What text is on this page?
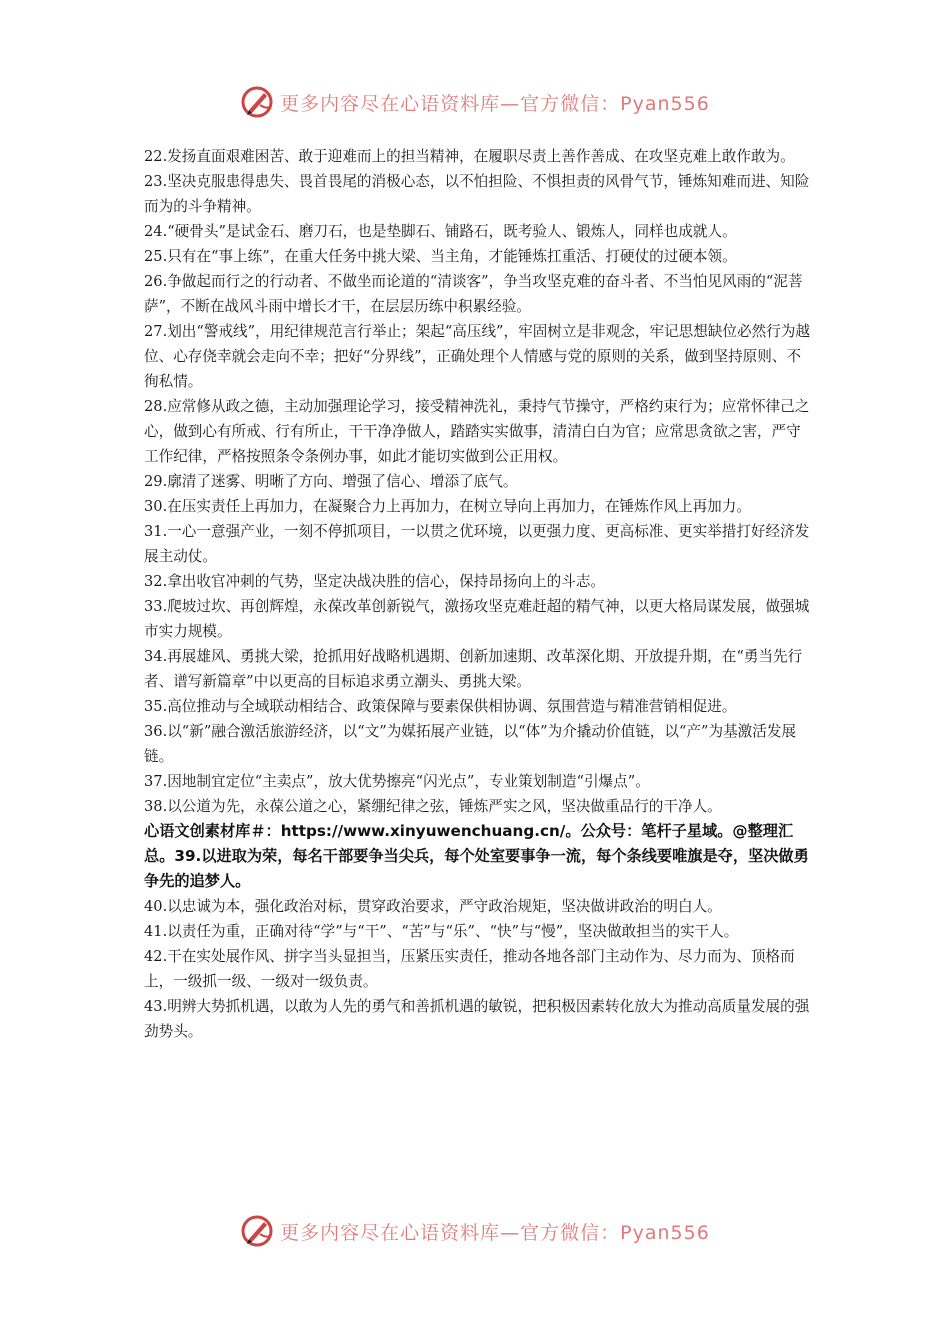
更多内容尽在心语资料库—官方微信：Pyan556

22.发扬直面艰难困苦、敢于迎难而上的担当精神，在履职尽责上善作善成、在攻坚克难上敢作敢为。

23.坚决克服患得患失、畏首畏尾的消极心态，以不怕担险、不惧担责的风骨气节，锤炼知难而进、知险而为的斗争精神。

24.“硬骨头”是试金石、磨刀石，也是垫脚石、铺路石，既考验人、锻炼人，同样也成就人。

25.只有在“事上练”，在重大任务中挑大梁、当主角，才能锤炼扛重活、打硬仗的过硬本领。

26.争做起而行之的行动者、不做坐而论道的“清谈客”，争当攻坚克难的奋斗者、不当怕见风雨的“泥菩萨”，不断在战风斗雨中增长才干，在层层历练中积累经验。

27.划出“警戒线”，用纪律规范言行举止；架起“高压线”，牢固树立是非观念，牢记思想缺位必然行为越位、心存侥幸就会走向不幸；把好“分界线”，正确处理个人情感与党的原则的关系，做到坚持原则、不徇私情。

28.应常修从政之德，主动加强理论学习，接受精神洗礼，秉持气节操守，严格约束行为；应常怀律己之心，做到心有所戒、行有所止，干干净净做人，踏踏实实做事，清清白白为官；应常思贪欲之害，严守工作纪律，严格按照条令条例办事，如此才能切实做到公正用权。

29.廓清了迷雾、明晰了方向、增强了信心、增添了底气。

30.在压实责任上再加力，在凝聚合力上再加力，在树立导向上再加力，在锤炼作风上再加力。

31.一心一意强产业，一刻不停抓项目，一以贯之优环境，以更强力度、更高标准、更实举措打好经济发展主动仗。

32.拿出收官冲刺的气势，坚定决战决胜的信心，保持昂扬向上的斗志。

33.爬坡过坎、再创辉煌，永葆改革创新锐气，激扬攻坚克难赶超的精气神，以更大格局谋发展，做强城市实力规模。

34.再展雄风、勇挑大梁，抢抓用好战略机遇期、创新加速期、改革深化期、开放提升期，在“勇当先行者、谱写新篇章”中以更高的目标追求勇立潮头、勇挑大梁。

35.高位推动与全域联动相结合、政策保障与要素保供相协调、氛围营造与精准营销相促进。

36.以“新”融合激活旅游经济，以“文”为媒拓展产业链，以“体”为介撬动价值链，以“产”为基激活发展链。

37.因地制宜定位“主卖点”，放大优势擦亮“闪光点”，专业策划制造“引爆点”。

38.以公道为先，永葆公道之心，紧绷纪律之弦，锤炼严实之风，坚决做重品行的干净人。

心语文创素材库＃：https://www.xinyuwenchuang.cn/。公众号：笔杆子星域。@整理汇总。39.以进取为荣，每名干部要争当尖兵，每个处室要事争一流，每个条线要唯旗是夺，坚决做勇争先的追梦人。

40.以忠诚为本，强化政治对标，贯穿政治要求，严守政治规矩，坚决做讲政治的明白人。

41.以责任为重，正确对待“学”与“干”、“苦”与“乐”、“快”与“慢”，坚决做敢担当的实干人。

42.干在实处展作风、拼字当头显担当，压紧压实责任，推动各地各部门主动作为、尽力而为、顶格而上，一级抓一级、一级对一级负责。

43.明辨大势抓机遇，以敢为人先的勇气和善抓机遇的敏锐，把积极因素转化放大为推动高质量发展的强劲势头。

更多内容尽在心语资料库—官方微信：Pyan556
